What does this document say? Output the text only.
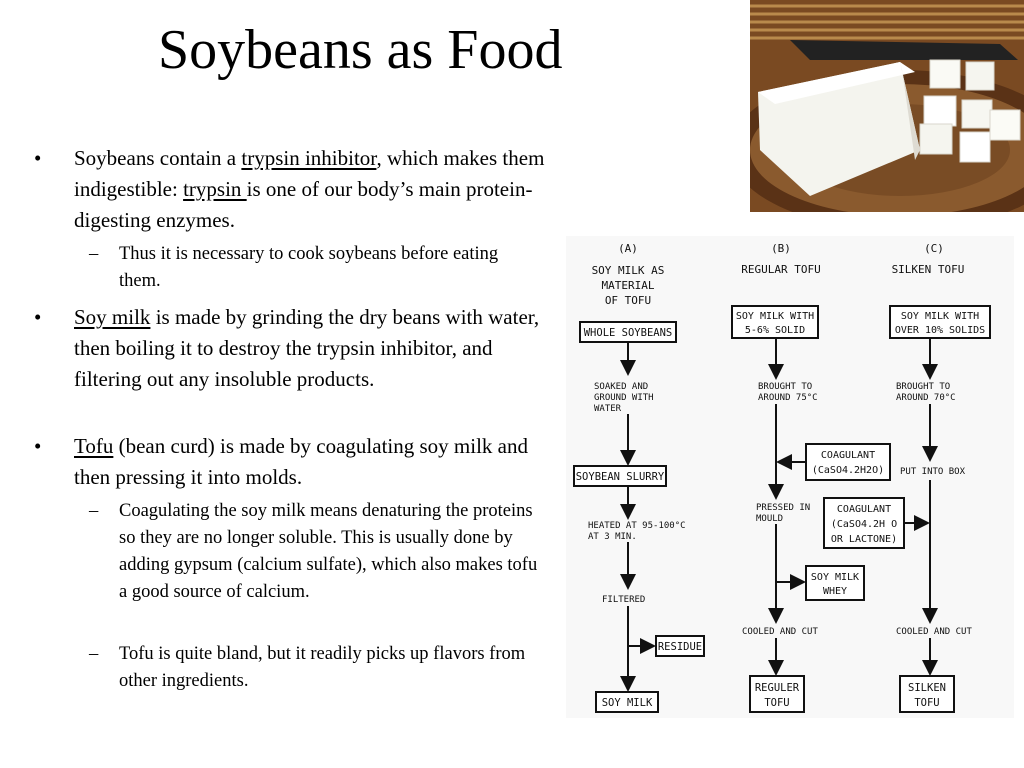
Soybeans as Food
• Soybeans contain a trypsin inhibitor, which makes them indigestible: trypsin is one of our body’s main protein-digesting enzymes.
– Thus it is necessary to cook soybeans before eating them.
• Soy milk is made by grinding the dry beans with water, then boiling it to destroy the trypsin inhibitor, and filtering out any insoluble products.
• Tofu (bean curd) is made by coagulating soy milk and then pressing it into molds.
– Coagulating the soy milk means denaturing the proteins so they are no longer soluble. This is usually done by adding gypsum (calcium sulfate), which also makes tofu a good source of calcium.
– Tofu is quite bland, but it readily picks up flavors from other ingredients.
(A)	(B)	(C)
SOY MILK AS
MATERIAL
OF TOFU
REGULAR TOFU	SILKEN TOFU
WHOLE SOYBEANS
SOAKED AND
GROUND WITH
WATER
SOYBEAN SLURRY
HEATED AT 95-100°C
AT 3 MIN.
FILTERED
RESIDUE
SOY MILK
SOY MILK WITH
5-6% SOLID
BROUGHT TO
AROUND 75°C
COAGULANT
(CaSO4.2H2O)
PRESSED IN
MOULD
SOY MILK
WHEY
COOLED AND CUT
REGULER
TOFU
SOY MILK WITH
OVER 10% SOLIDS
BROUGHT TO
AROUND 70°C
PUT INTO BOX
COAGULANT
(CaSO4.2H O
OR LACTONE)
COOLED AND CUT
SILKEN
TOFU
